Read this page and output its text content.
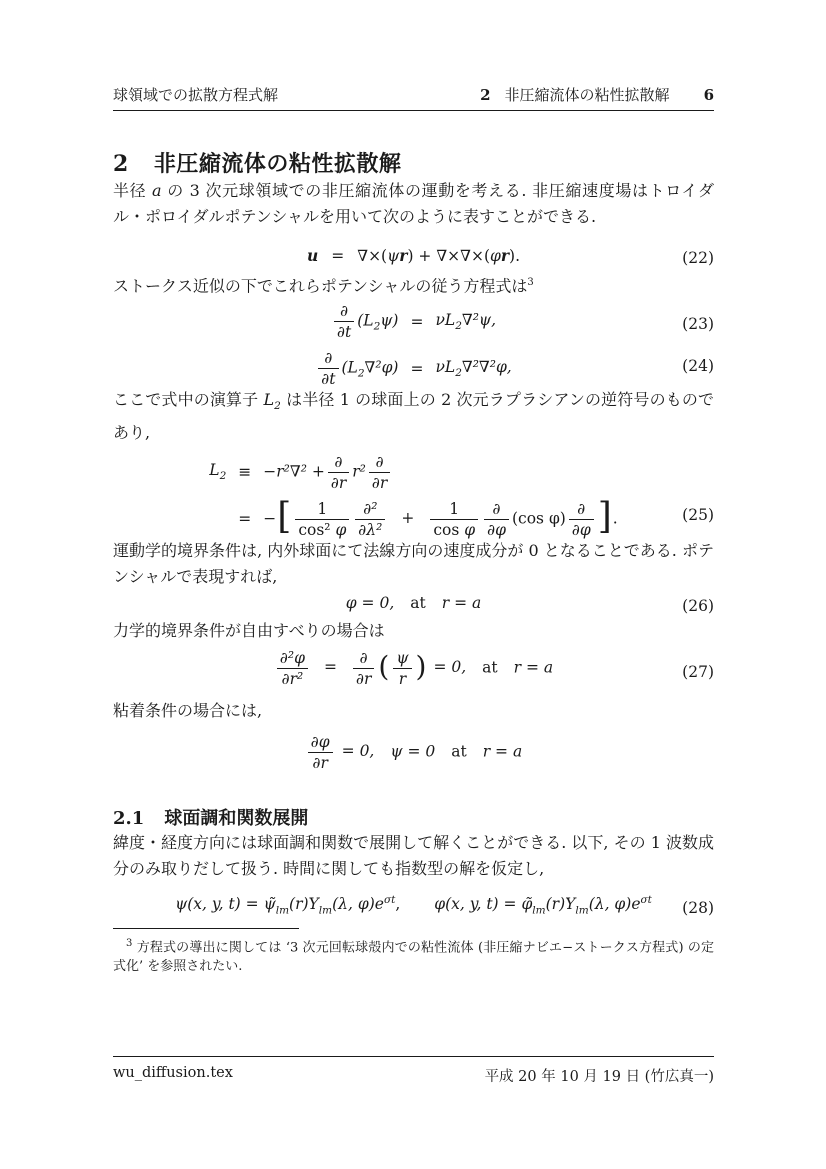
球領域での拡散方程式解	2 非圧縮流体の粘性拡散解 6
2 非圧縮流体の粘性拡散解

半径 a の 3 次元球領域での非圧縮流体の運動を考える. 非圧縮速度場はトロイダル・ポロイダルポテンシャルを用いて次のように表すことができる.

u = ∇×(ψr) + ∇×∇×(φr).	(22)

ストークス近似の下でこれらポテンシャルの従う方程式は$^3$

$\frac{\partial}{\partial t} (L_2\psi) = \nu L_2\nabla^2\psi$,
$\frac{\partial}{\partial t} (L_2\nabla^2\varphi) = \nu L_2\nabla^2\nabla^2\varphi$,
(23)
(24)

ここで式中の演算子 $L_2$ は半径 1 の球面上の 2 次元ラプラシアンの逆符号のものであり,

$L_2 \equiv -r^2\nabla^2 + \frac{\partial}{\partial r} r^2 \frac{\partial}{\partial r}$
= −[ $\frac{1}{\text{cos² φ}} \frac{\text{∂²}}{\text{∂λ²}} + \frac{1}{\text{cos φ}} \frac{\partial}{\partial\varphi} (\cos$ $\varphi) \frac{\partial}{\partial\varphi}$ ].	(25)

運動学的境界条件は, 内外球面にて法線方向の速度成分が 0 となることである. ポテンシャルで表現すれば,

φ = 0, at r = a	(26)

力学的境界条件が自由すべりの場合は

$\frac{\text{∂²φ}}{\text{∂r²}} = \frac{\partial}{\partial r}$ ( $\frac{\psi}{r}$ ) = 0, at r = a	(27)

粘着条件の場合には,

$\frac{\partial\varphi}{\partial r} = 0$, ψ = 0 at r = a
2.1 球面調和関数展開

緯度・経度方向には球面調和関数で展開して解くことができる. 以下, その 1 波数成分のみ取りだして扱う. 時間に関しても指数型の解を仮定し,

ψ(x, y, $t) = \psĩ_{lm}(r)Y_{lm}(\lambda$, $\varphi)e^{\sigma t}$, φ(x, y, $t) = \varphĩ_{lm}(r)Y_{lm}(\lambda$, $\varphi)e^{\sigma t}$ (28)

$^3$ 方程式の導出に関しては ‘3 次元回転球殻内での粘性流体 (非圧縮ナビエ−ストークス方程式) の定式化’ を参照されたい.

wu_diffusion.tex	平成 20 年 10 月 19 日 (竹広真一)
